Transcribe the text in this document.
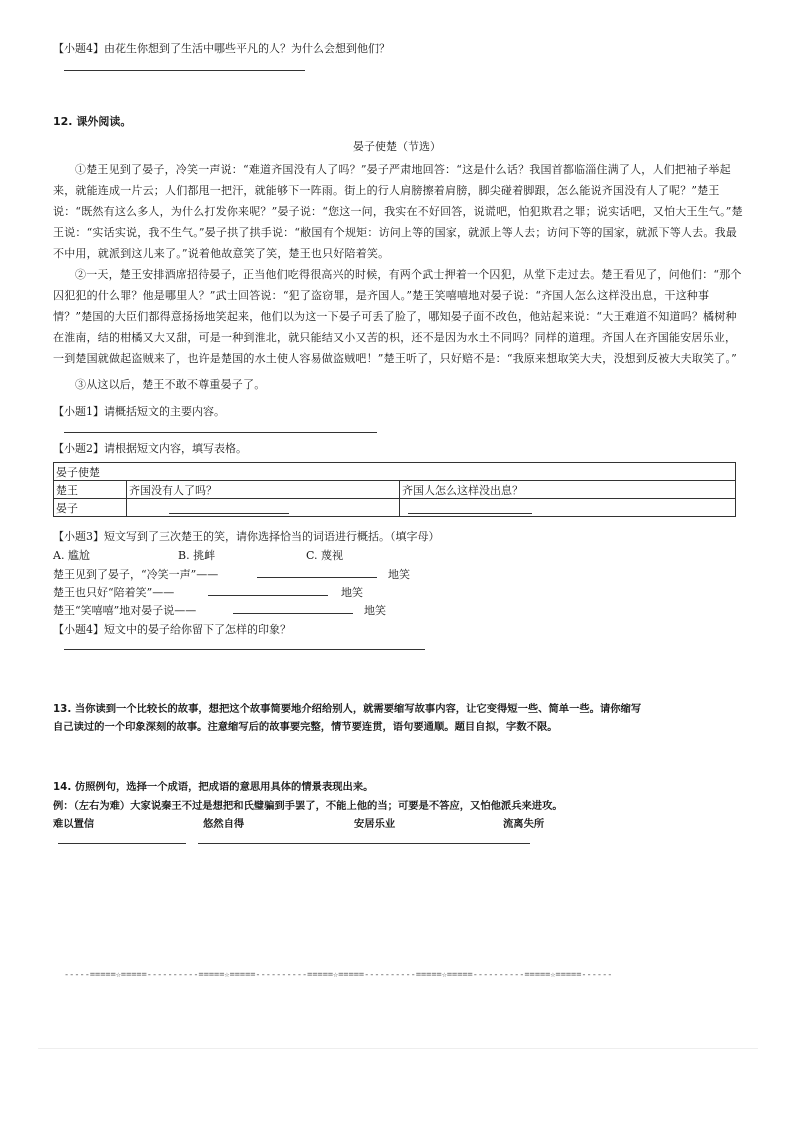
【小题4】由花生你想到了生活中哪些平凡的人？为什么会想到他们？
12. 课外阅读。
晏子使楚（节选）
①楚王见到了晏子，冷笑一声说：“难道齐国没有人了吗？”晏子严肃地回答：“这是什么话？我国首都临淄住满了人，人们把袖子举起来，就能连成一片云；人们都甩一把汗，就能够下一阵雨。街上的行人肩膀擦着肩膀，脚尖碰着脚跟，怎么能说齐国没有人了呢？”楚王说：“既然有这么多人，为什么打发你来呢？”晏子说：“您这一问，我实在不好回答，说谎吧，怕犯欺君之罪；说实话吧，又怕大王生气。”楚王说：“实话实说，我不生气。”晏子拱了拱手说：“敝国有个规矩：访问上等的国家，就派上等人去；访问下等的国家，就派下等人去。我最不中用，就派到这儿来了。”说着他故意笑了笑，楚王也只好陪着笑。
②一天，楚王安排酒席招待晏子，正当他们吃得很高兴的时候，有两个武士押着一个囚犯，从堂下走过去。楚王看见了，问他们：“那个囚犯犯的什么罪？他是哪里人？”武士回答说：“犯了盗窃罪，是齐国人。”楚王笑嘻嘻地对晏子说：“齐国人怎么这样没出息，干这种事情？”楚国的大臣们都得意扬扬地笑起来，他们以为这一下晏子可丢了脸了，哪知晏子面不改色，他站起来说：“大王难道不知道吗？橘树种在淮南，结的柑橘又大又甜，可是一种到淮北，就只能结又小又苦的枳，还不是因为水土不同吗？同样的道理。齐国人在齐国能安居乐业，一到楚国就做起盗贼来了，也许是楚国的水土使人容易做盗贼吧！”楚王听了，只好赔不是：“我原来想取笑大夫，没想到反被大夫取笑了。”
③从这以后，楚王不敢不尊重晏子了。
【小题1】请概括短文的主要内容。
【小题2】请根据短文内容，填写表格。
晏子使楚		
楚王	齐国没有人了吗？	齐国人怎么这样没出息？
晏子	

【小题3】短文写到了三次楚王的笑，请你选择恰当的词语进行概括。（填字母）
A. 尴尬	B. 挑衅	C. 蔑视
楚王见到了晏子，“冷笑一声”——	地笑
楚王也只好“陪着笑”——	地笑
楚王“笑嘻嘻”地对晏子说——	地笑
【小题4】短文中的晏子给你留下了怎样的印象？
13. 当你读到一个比较长的故事，想把这个故事简要地介绍给别人，就需要缩写故事内容，让它变得短一些、简单一些。请你缩写
自己读过的一个印象深刻的故事。注意缩写后的故事要完整，情节要连贯，语句要通顺。题目自拟，字数不限。
14. 仿照例句，选择一个成语，把成语的意思用具体的情景表现出来。
例：（左右为难）大家说秦王不过是想把和氏璧骗到手罢了，不能上他的当；可要是不答应，又怕他派兵来进攻。
难以置信	悠然自得	安居乐业	流离失所
-----=====☆=====----------=====☆=====----------=====☆=====----------=====☆=====----------=====☆=====------
